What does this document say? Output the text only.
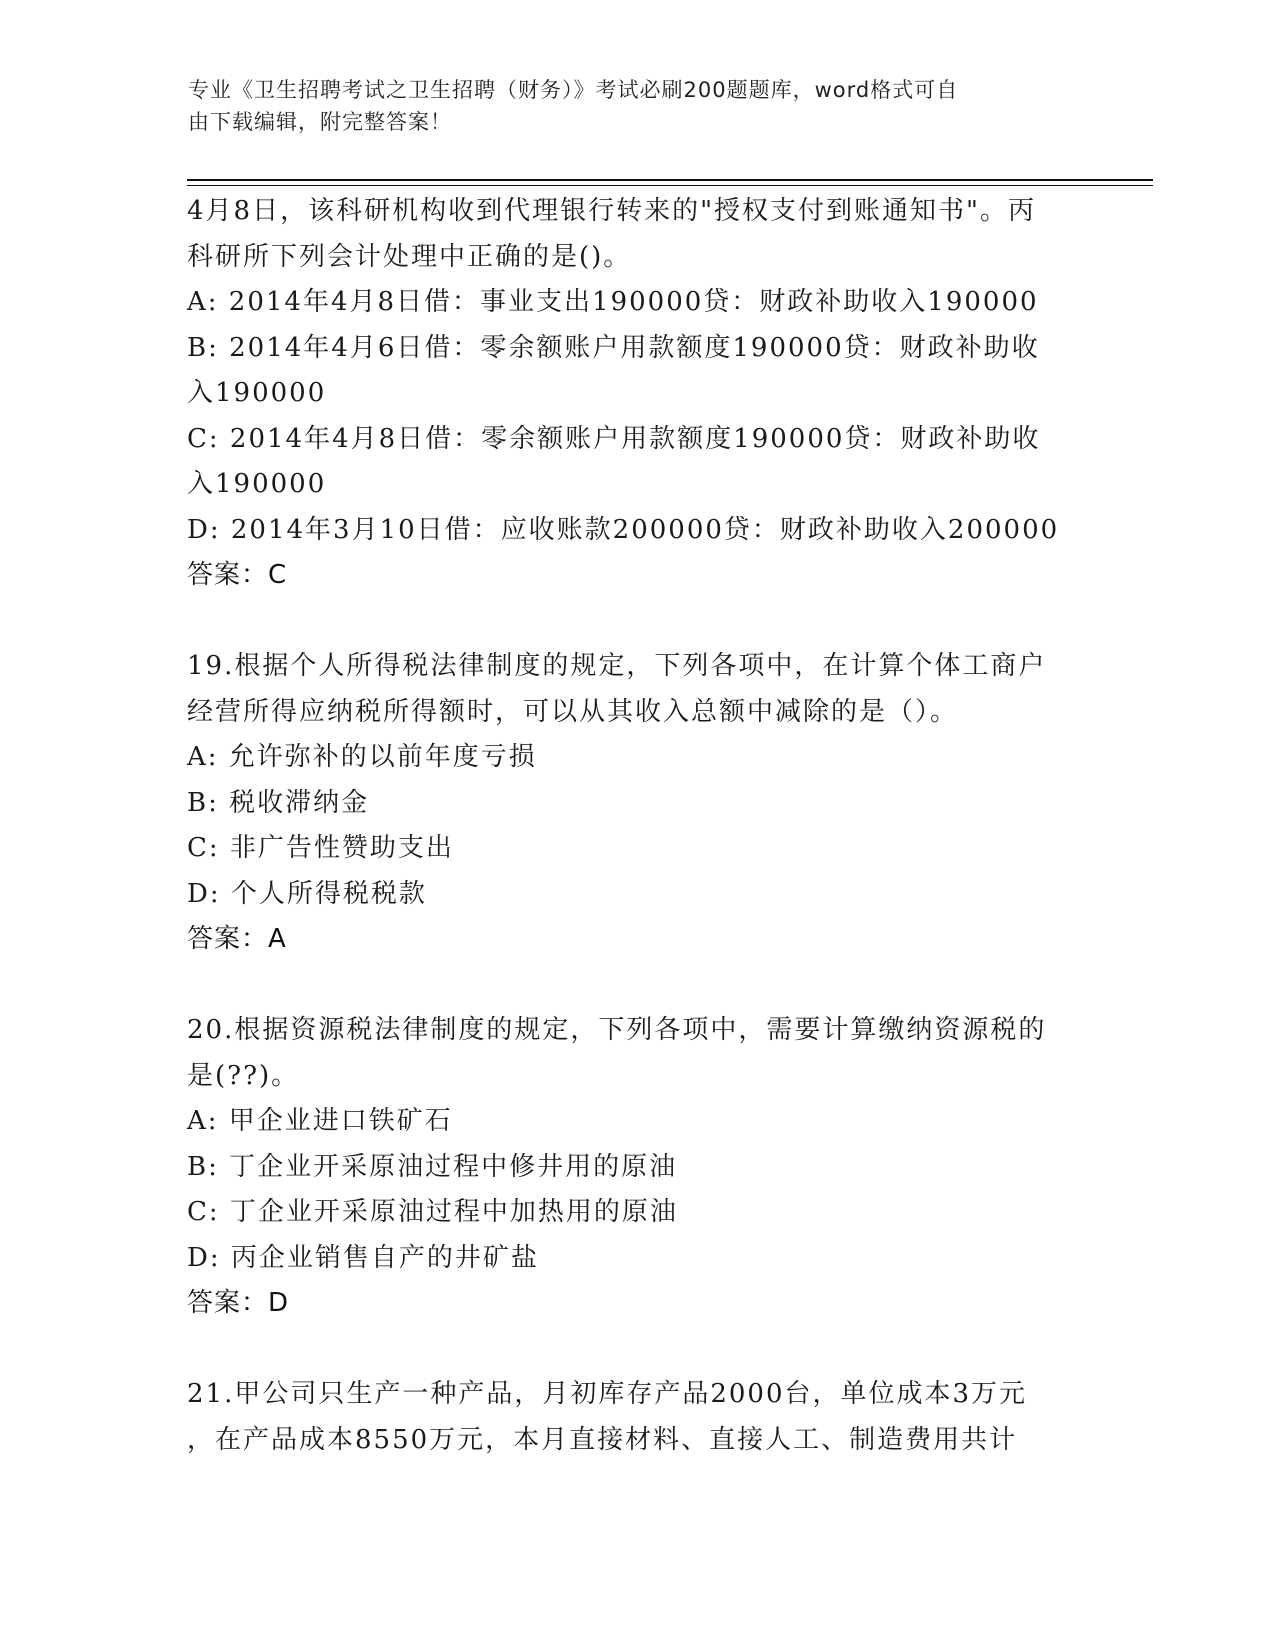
专业《卫生招聘考试之卫生招聘（财务）》考试必刷200题题库，word格式可自
由下载编辑，附完整答案！
4月8日，该科研机构收到代理银行转来的"授权支付到账通知书"。丙
科研所下列会计处理中正确的是()。
A: 2014年4月8日借：事业支出190000贷：财政补助收入190000
B: 2014年4月6日借：零余额账户用款额度190000贷：财政补助收
入190000
C: 2014年4月8日借：零余额账户用款额度190000贷：财政补助收
入190000
D: 2014年3月10日借：应收账款200000贷：财政补助收入200000
答案：C
19.根据个人所得税法律制度的规定，下列各项中，在计算个体工商户
经营所得应纳税所得额时，可以从其收入总额中减除的是（）。
A: 允许弥补的以前年度亏损
B: 税收滞纳金
C: 非广告性赞助支出
D: 个人所得税税款
答案：A
20.根据资源税法律制度的规定，下列各项中，需要计算缴纳资源税的
是(??)。
A: 甲企业进口铁矿石
B: 丁企业开采原油过程中修井用的原油
C: 丁企业开采原油过程中加热用的原油
D: 丙企业销售自产的井矿盐
答案：D
21.甲公司只生产一种产品，月初库存产品2000台，单位成本3万元
，在产品成本8550万元，本月直接材料、直接人工、制造费用共计
